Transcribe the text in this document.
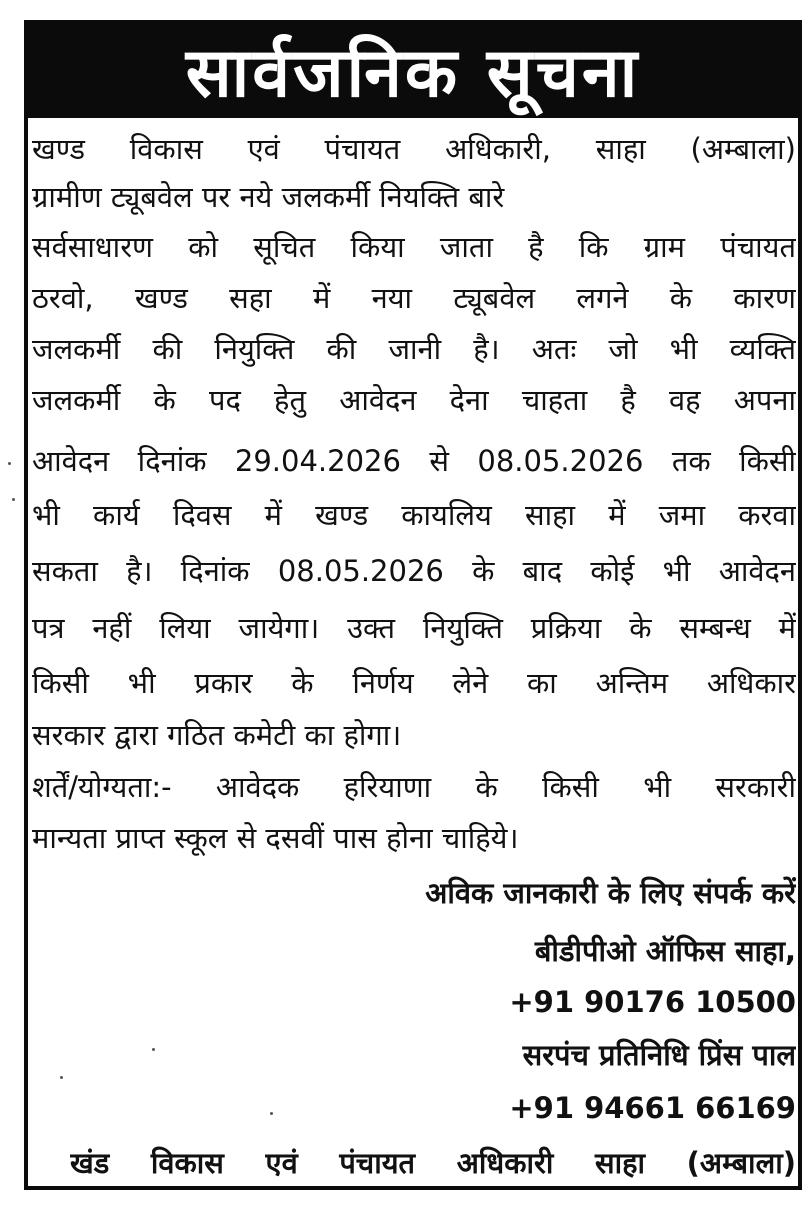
सार्वजनिक सूचना
खण्ड विकास एवं पंचायत अधिकारी, साहा (अम्बाला)
ग्रामीण ट्यूबवेल पर नये जलकर्मी नियक्ति बारे
सर्वसाधारण को सूचित किया जाता है कि ग्राम पंचायत
ठरवो, खण्ड सहा में नया ट्यूबवेल लगने के कारण
जलकर्मी की नियुक्ति की जानी है। अतः जो भी व्यक्ति
जलकर्मी के पद हेतु आवेदन देना चाहता है वह अपना
आवेदन दिनांक 29.04.2026 से 08.05.2026 तक किसी
भी कार्य दिवस में खण्ड कायलिय साहा में जमा करवा
सकता है। दिनांक 08.05.2026 के बाद कोई भी आवेदन
पत्र नहीं लिया जायेगा। उक्त नियुक्ति प्रक्रिया के सम्बन्ध में
किसी भी प्रकार के निर्णय लेने का अन्तिम अधिकार
सरकार द्वारा गठित कमेटी का होगा।
शर्तें/योग्यता:- आवेदक हरियाणा के किसी भी सरकारी
मान्यता प्राप्त स्कूल से दसवीं पास होना चाहिये।
अविक जानकारी के लिए संपर्क करें
बीडीपीओ ऑफिस साहा,
+91 90176 10500
सरपंच प्रतिनिधि प्रिंस पाल
+91 94661 66169
खंड विकास एवं पंचायत अधिकारी साहा (अम्बाला)
